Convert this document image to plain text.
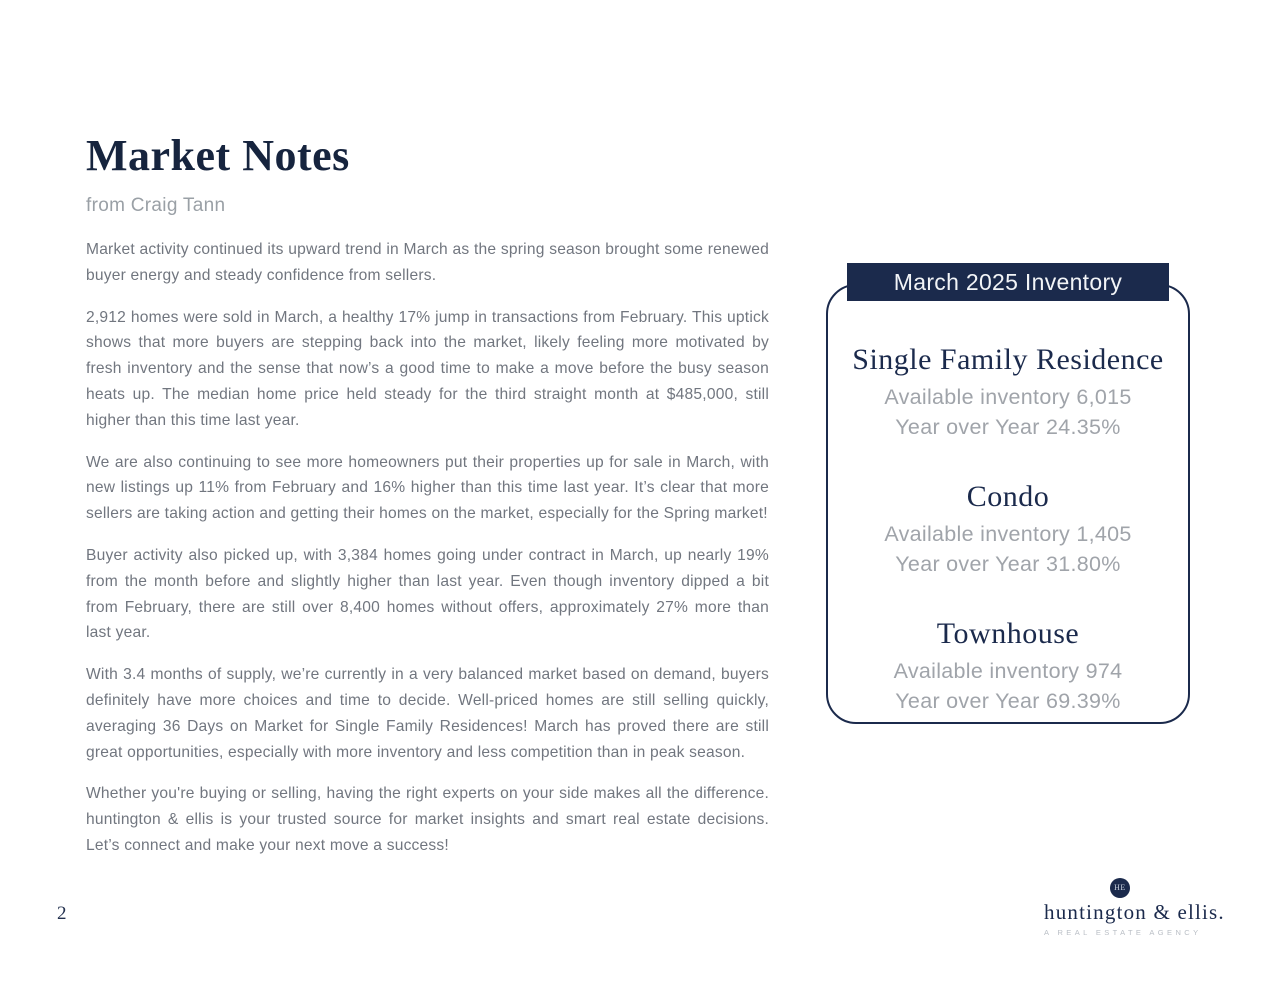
Market Notes
from Craig Tann

Market activity continued its upward trend in March as the spring season brought some renewed buyer energy and steady confidence from sellers.

2,912 homes were sold in March, a healthy 17% jump in transactions from February. This uptick shows that more buyers are stepping back into the market, likely feeling more motivated by fresh inventory and the sense that now’s a good time to make a move before the busy season heats up. The median home price held steady for the third straight month at $485,000, still higher than this time last year.

We are also continuing to see more homeowners put their properties up for sale in March, with new listings up 11% from February and 16% higher than this time last year. It’s clear that more sellers are taking action and getting their homes on the market, especially for the Spring market!

Buyer activity also picked up, with 3,384 homes going under contract in March, up nearly 19% from the month before and slightly higher than last year. Even though inventory dipped a bit from February, there are still over 8,400 homes without offers, approximately 27% more than last year.

With 3.4 months of supply, we’re currently in a very balanced market based on demand, buyers definitely have more choices and time to decide. Well-priced homes are still selling quickly, averaging 36 Days on Market for Single Family Residences! March has proved there are still great opportunities, especially with more inventory and less competition than in peak season.

Whether you're buying or selling, having the right experts on your side makes all the difference. huntington & ellis is your trusted source for market insights and smart real estate decisions. Let’s connect and make your next move a success!

March 2025 Inventory
Single Family Residence
Available inventory 6,015
Year over Year 24.35%
Condo
Available inventory 1,405
Year over Year 31.80%
Townhouse
Available inventory 974
Year over Year 69.39%
2
HE
huntington & ellis.
A REAL ESTATE AGENCY
